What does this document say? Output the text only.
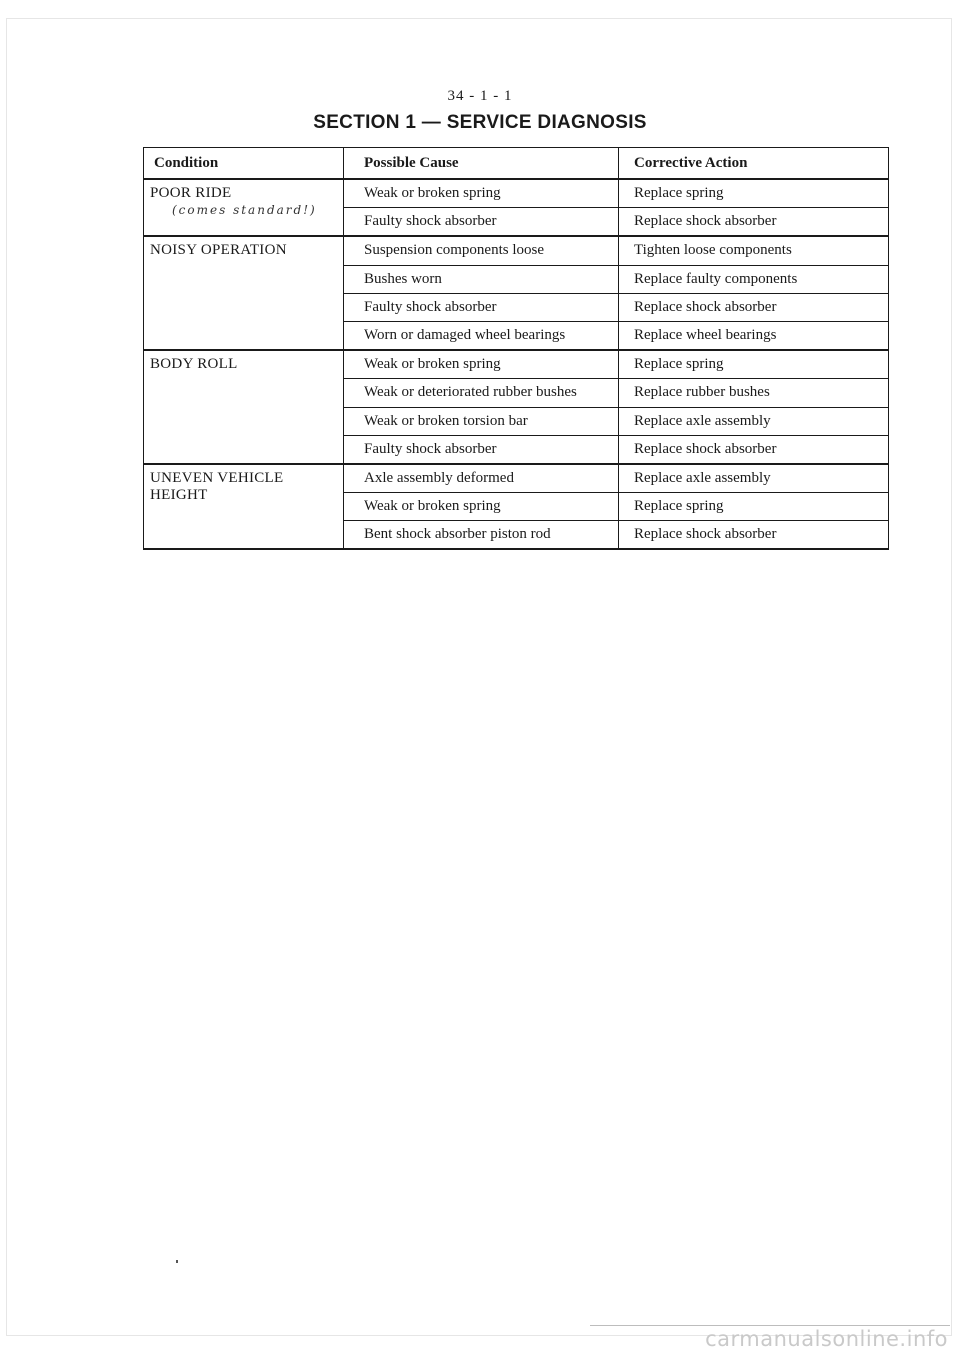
34 - 1 - 1
SECTION 1 — SERVICE DIAGNOSIS
Condition	Possible Cause	Corrective Action
POOR RIDE
(comes standard!)	Weak or broken spring	Replace spring
	Faulty shock absorber	Replace shock absorber
NOISY OPERATION	Suspension components loose	Tighten loose components
	Bushes worn	Replace faulty components
	Faulty shock absorber	Replace shock absorber
	Worn or damaged wheel bearings	Replace wheel bearings
BODY ROLL	Weak or broken spring	Replace spring
	Weak or deteriorated rubber bushes	Replace rubber bushes
	Weak or broken torsion bar	Replace axle assembly
	Faulty shock absorber	Replace shock absorber
UNEVEN VEHICLE HEIGHT	Axle assembly deformed	Replace axle assembly
	Weak or broken spring	Replace spring
	Bent shock absorber piston rod	Replace shock absorber
carmanualsonline.info
